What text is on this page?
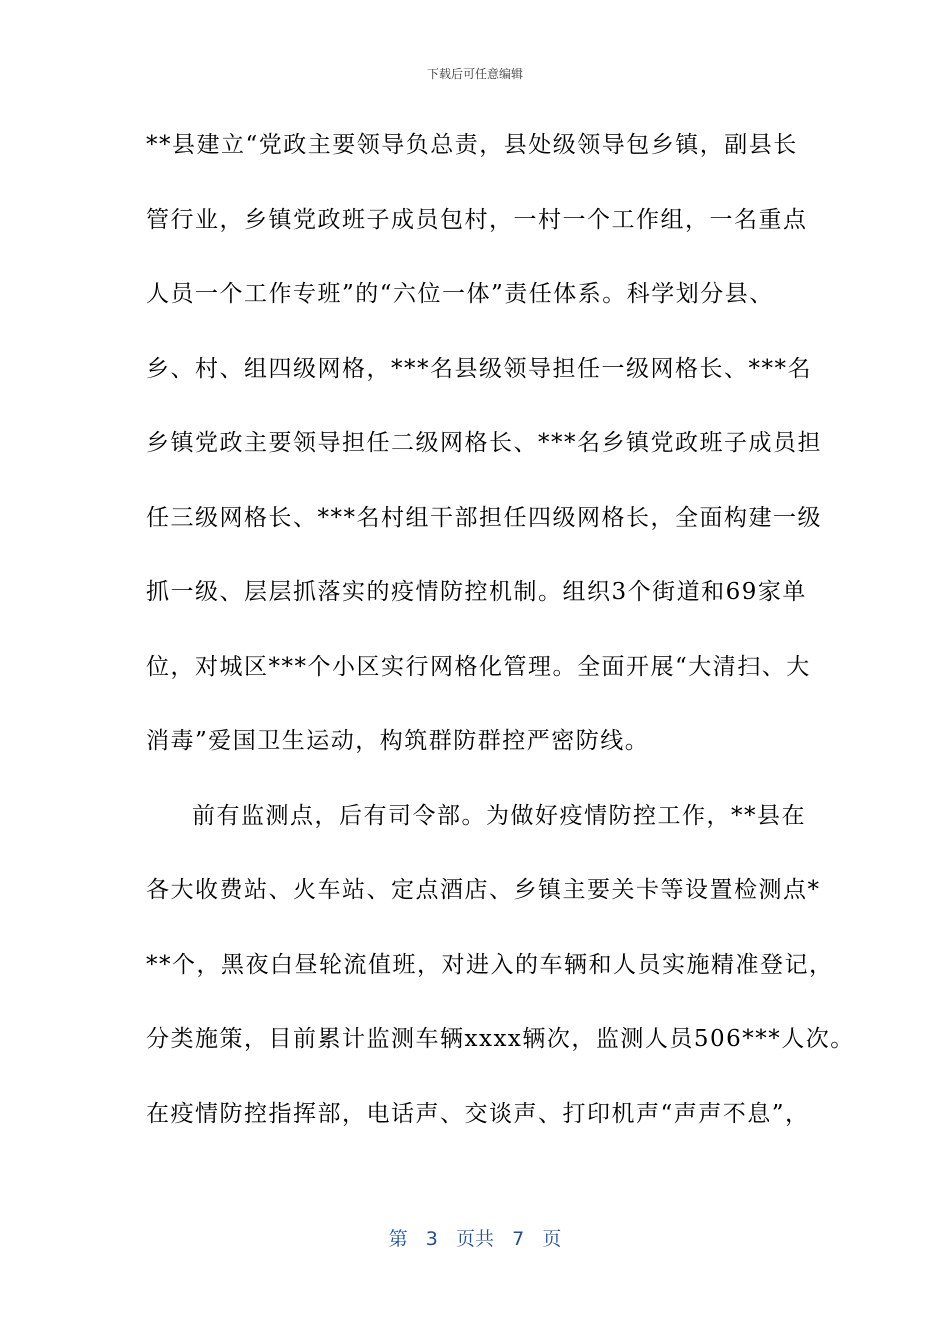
下载后可任意编辑
**县建立“党政主要领导负总责，县处级领导包乡镇，副县长
管行业，乡镇党政班子成员包村，一村一个工作组，一名重点
人员一个工作专班”的“六位一体”责任体系。科学划分县、
乡、村、组四级网格，***名县级领导担任一级网格长、***名
乡镇党政主要领导担任二级网格长、***名乡镇党政班子成员担
任三级网格长、***名村组干部担任四级网格长，全面构建一级
抓一级、层层抓落实的疫情防控机制。组织3个街道和69家单
位，对城区***个小区实行网格化管理。全面开展“大清扫、大
消毒”爱国卫生运动，构筑群防群控严密防线。
前有监测点，后有司令部。为做好疫情防控工作，**县在
各大收费站、火车站、定点酒店、乡镇主要关卡等设置检测点*
**个，黑夜白昼轮流值班，对进入的车辆和人员实施精准登记，
分类施策，目前累计监测车辆xxxx辆次，监测人员506***人次。
在疫情防控指挥部，电话声、交谈声、打印机声“声声不息”，
第 3 页共 7 页
